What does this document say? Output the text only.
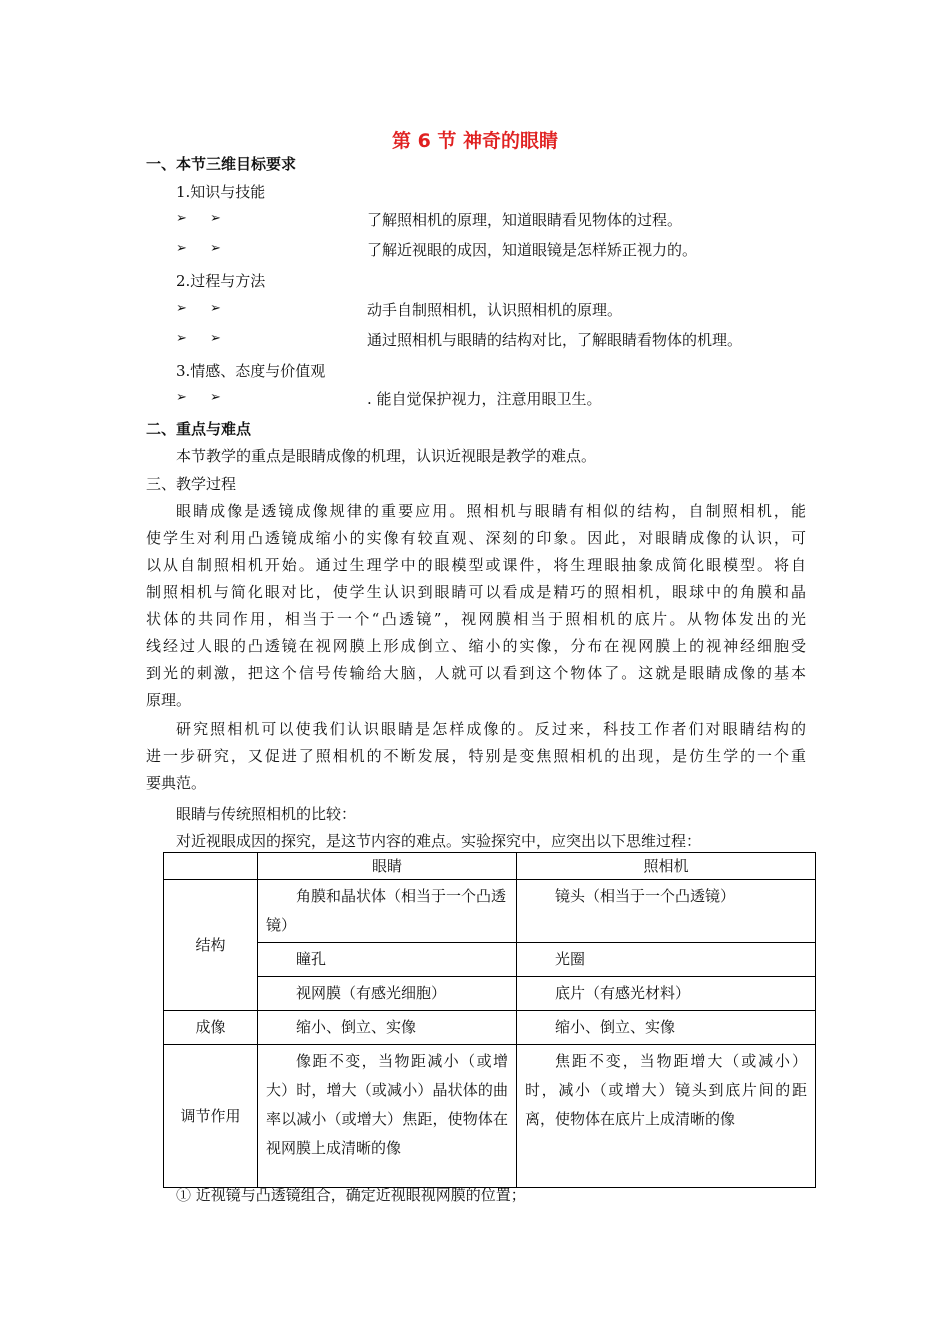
第 6 节 神奇的眼睛
一、本节三维目标要求
1.知识与技能
➢ ➢	了解照相机的原理，知道眼睛看见物体的过程。
➢ ➢	了解近视眼的成因，知道眼镜是怎样矫正视力的。
2.过程与方法
➢ ➢	动手自制照相机，认识照相机的原理。
➢ ➢	通过照相机与眼睛的结构对比，了解眼睛看物体的机理。
3.情感、态度与价值观
➢ ➢	. 能自觉保护视力，注意用眼卫生。
二、重点与难点
本节教学的重点是眼睛成像的机理，认识近视眼是教学的难点。
三、教学过程
眼睛成像是透镜成像规律的重要应用。照相机与眼睛有相似的结构，自制照相机，能
使学生对利用凸透镜成缩小的实像有较直观、深刻的印象。因此，对眼睛成像的认识，可
以从自制照相机开始。通过生理学中的眼模型或课件，将生理眼抽象成简化眼模型。将自
制照相机与简化眼对比，使学生认识到眼睛可以看成是精巧的照相机，眼球中的角膜和晶
状体的共同作用，相当于一个“凸透镜”，视网膜相当于照相机的底片。从物体发出的光
线经过人眼的凸透镜在视网膜上形成倒立、缩小的实像，分布在视网膜上的视神经细胞受
到光的刺激，把这个信号传输给大脑，人就可以看到这个物体了。这就是眼睛成像的基本
原理。
研究照相机可以使我们认识眼睛是怎样成像的。反过来，科技工作者们对眼睛结构的
进一步研究，又促进了照相机的不断发展，特别是变焦照相机的出现，是仿生学的一个重
要典范。
眼睛与传统照相机的比较：
对近视眼成因的探究，是这节内容的难点。实验探究中，应突出以下思维过程：
	眼睛	照相机
结构	角膜和晶状体（相当于一个凸透镜）	镜头（相当于一个凸透镜）
	瞳孔	光圈
	视网膜（有感光细胞）	底片（有感光材料）
成像	缩小、倒立、实像	缩小、倒立、实像
调节作用	像距不变，当物距减小（或增大）时，增大（或减小）晶状体的曲率以减小（或增大）焦距，使物体在视网膜上成清晰的像	焦距不变，当物距增大（或减小）时，减小（或增大）镜头到底片间的距离，使物体在底片上成清晰的像
① 近视镜与凸透镜组合，确定近视眼视网膜的位置；
